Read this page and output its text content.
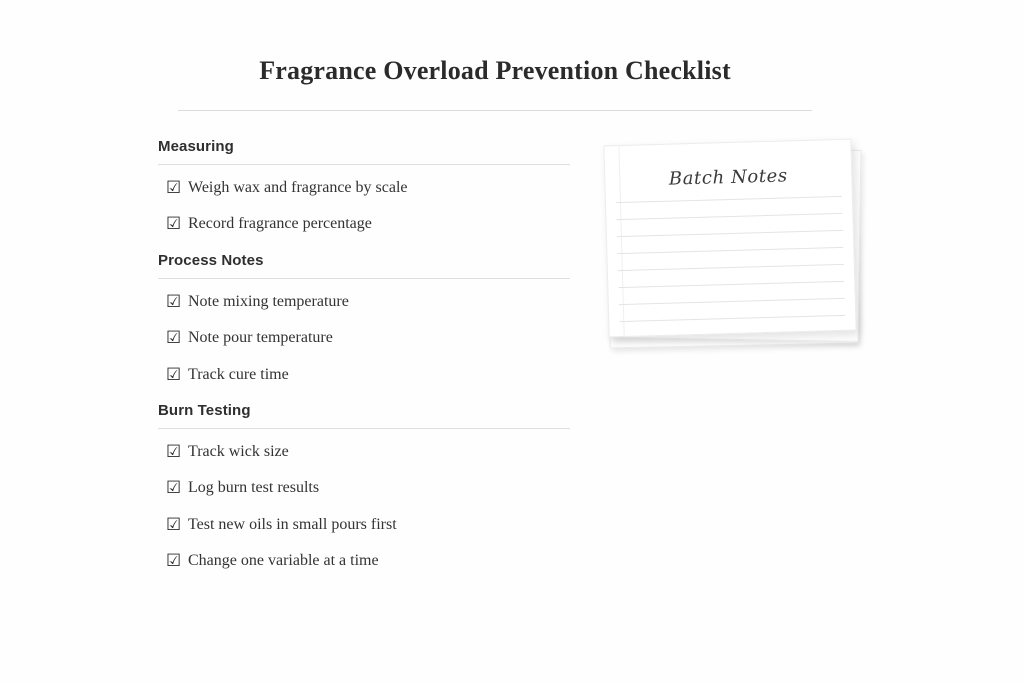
Fragrance Overload Prevention Checklist
Measuring
☑ Weigh wax and fragrance by scale
☑ Record fragrance percentage
Process Notes
☑ Note mixing temperature
☑ Note pour temperature
☑ Track cure time
Burn Testing
☑ Track wick size
☑ Log burn test results
☑ Test new oils in small pours first
☑ Change one variable at a time
Batch Notes
